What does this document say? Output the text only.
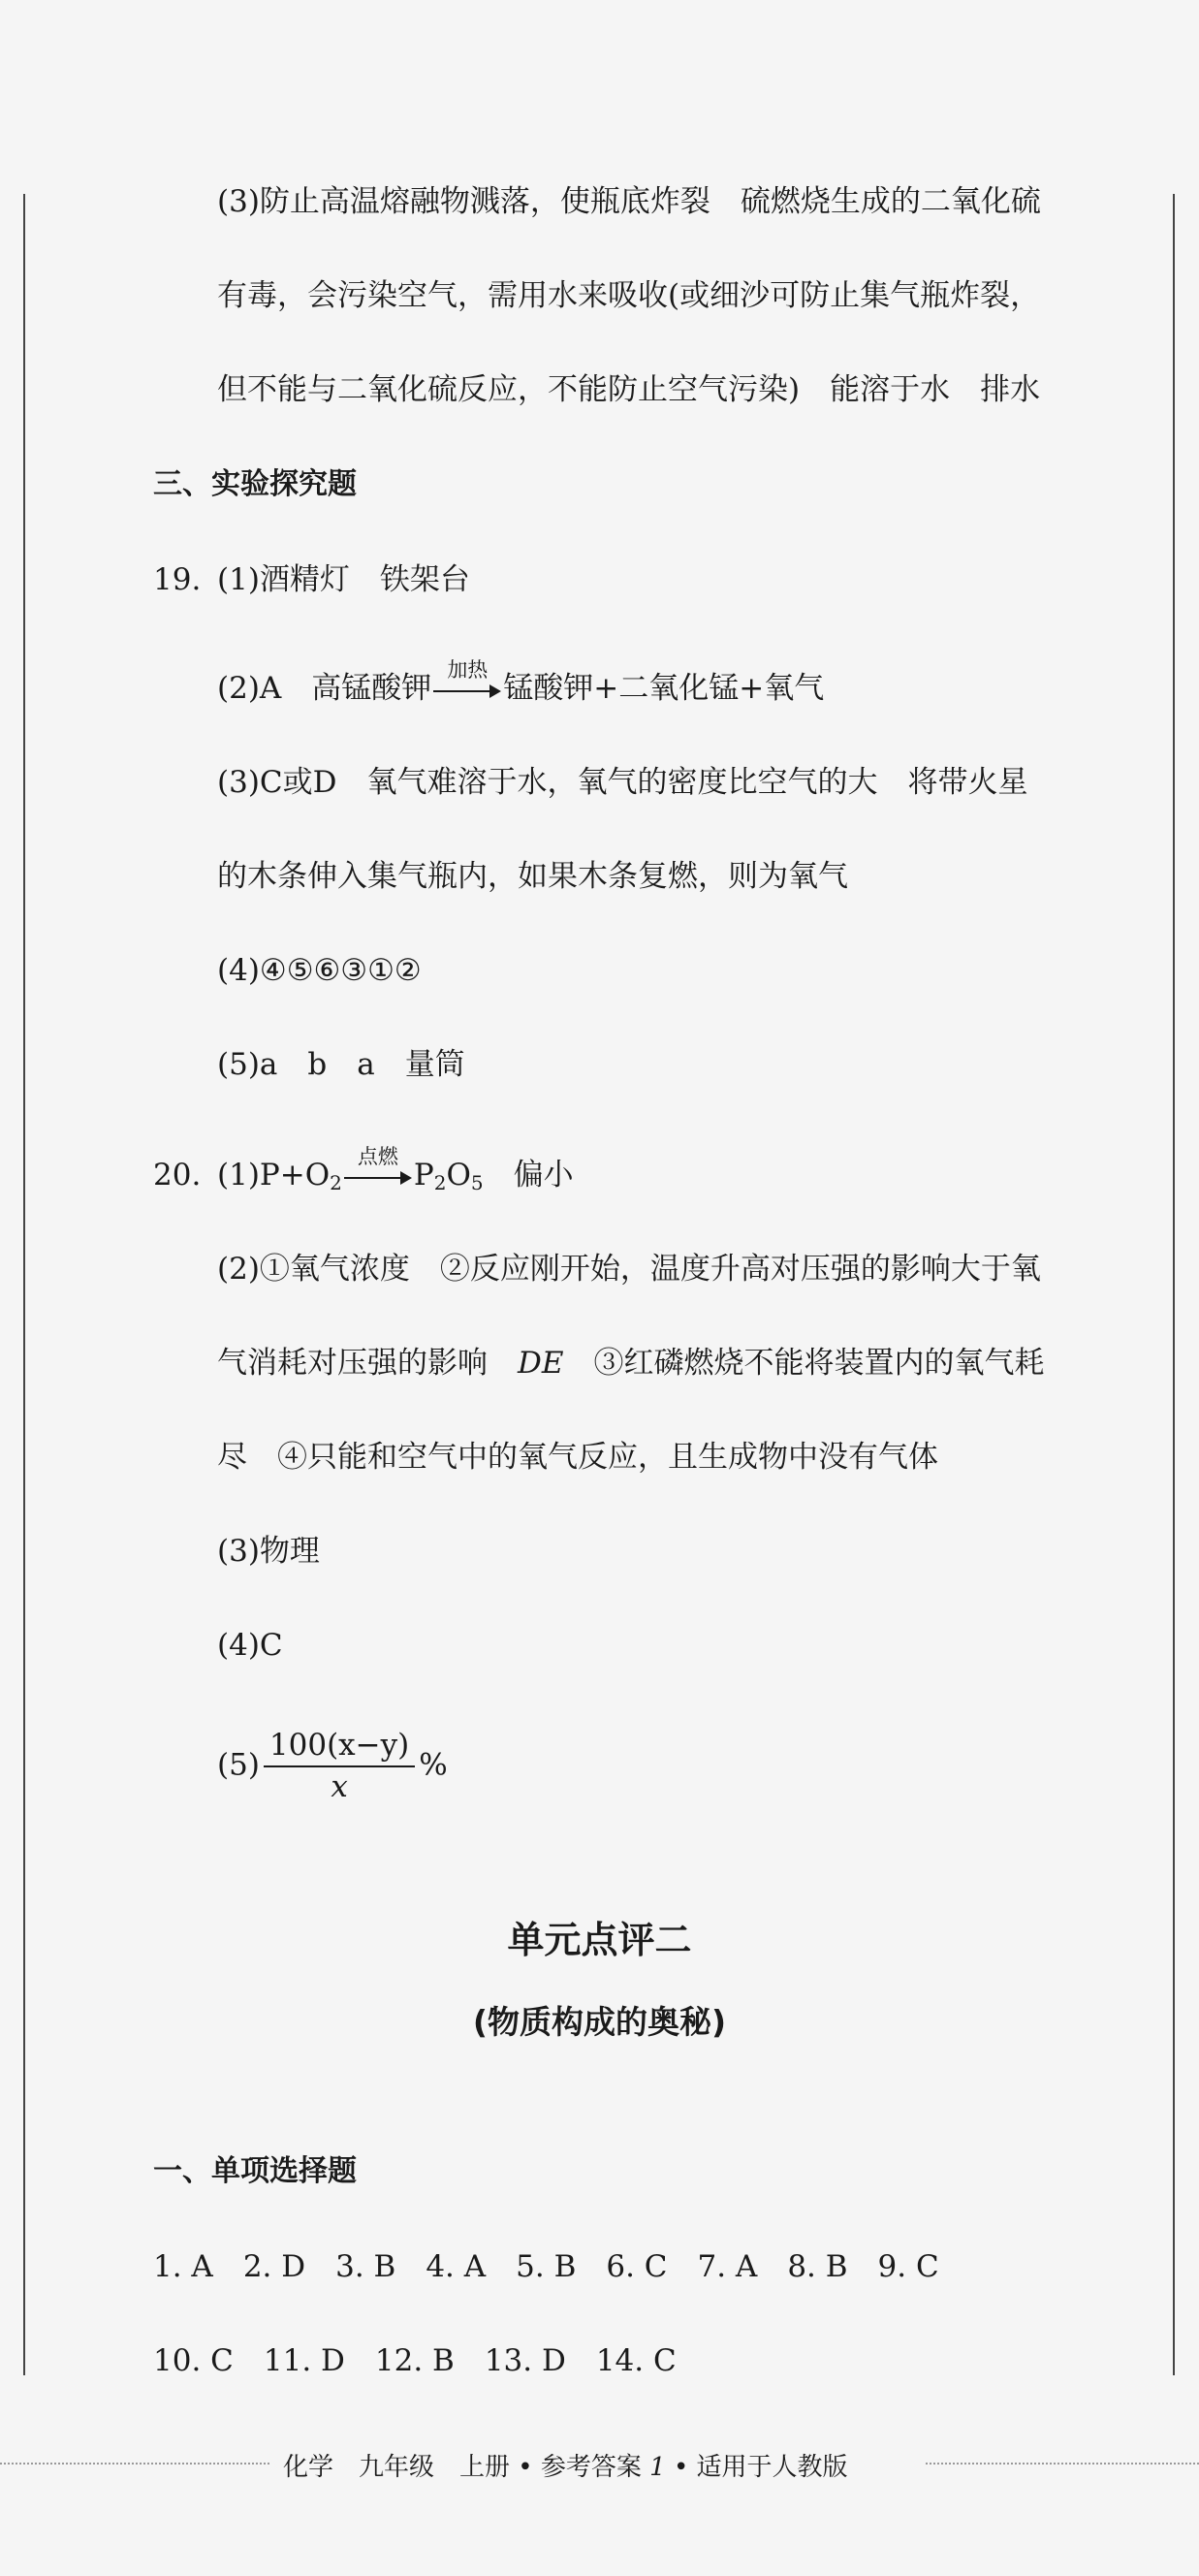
(3)防止高温熔融物溅落，使瓶底炸裂　硫燃烧生成的二氧化硫
有毒，会污染空气，需用水来吸收(或细沙可防止集气瓶炸裂，
但不能与二氧化硫反应，不能防止空气污染)　能溶于水　排水
三、实验探究题
19. (1)酒精灯　铁架台
(2)A　高锰酸钾
加热
锰酸钾+二氧化锰+氧气
(3)C或D　氧气难溶于水，氧气的密度比空气的大　将带火星
的木条伸入集气瓶内，如果木条复燃，则为氧气
(4)④⑤⑥③①②
(5)a　b　a　量筒
20. $(1)P+O_2$
点燃
$P_2O_5$　偏小
(2)①氧气浓度　②反应刚开始，温度升高对压强的影响大于氧
气消耗对压强的影响　DE　③红磷燃烧不能将装置内的氧气耗
尽　④只能和空气中的氧气反应，且生成物中没有气体
(3)物理
(4)C
$(5) \frac{100(x-y)}{x}$ %
单元点评二
(物质构成的奥秘)
一、单项选择题
1. A　2. D　3. B　4. A　5. B　6. C　7. A　8. B　9. C
10. C　11. D　12. B　13. D　14. C
化学　九年级　上册 • 参考答案 1 • 适用于人教版
